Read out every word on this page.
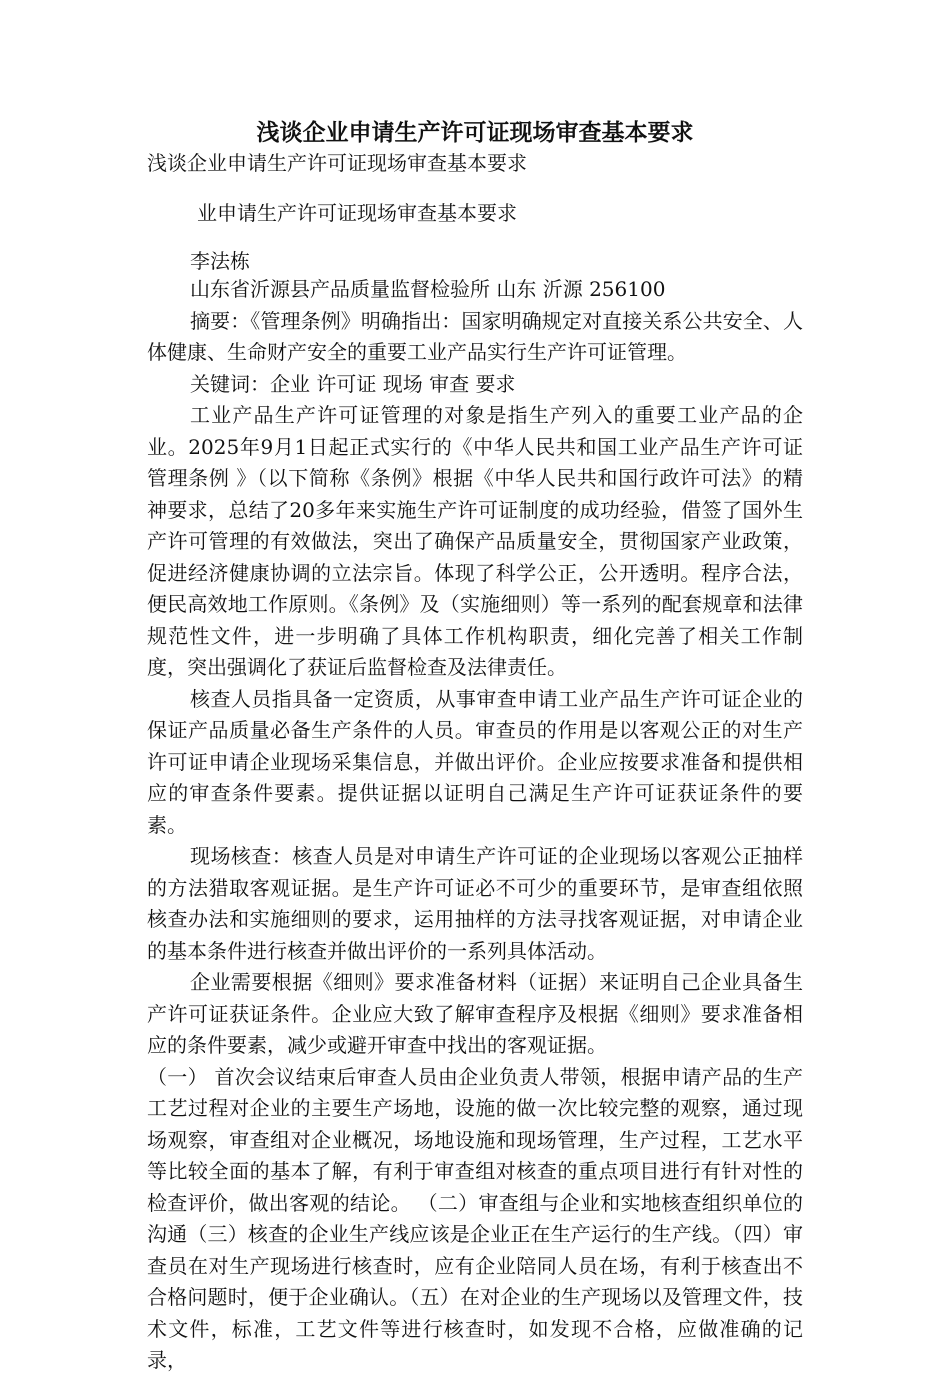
浅谈企业申请生产许可证现场审查基本要求
浅谈企业申请生产许可证现场审查基本要求
业申请生产许可证现场审查基本要求
李法栋

山东省沂源县产品质量监督检验所 山东 沂源 256100

摘要：《管理条例》明确指出：国家明确规定对直接关系公共安全、人体健康、生命财产安全的重要工业产品实行生产许可证管理。

关键词：企业 许可证 现场 审查 要求

工业产品生产许可证管理的对象是指生产列入的重要工业产品的企业。2025年9月1日起正式实行的《中华人民共和国工业产品生产许可证管理条例 》（以下简称《条例》根据《中华人民共和国行政许可法》的精神要求，总结了20多年来实施生产许可证制度的成功经验，借签了国外生产许可管理的有效做法，突出了确保产品质量安全，贯彻国家产业政策，促进经济健康协调的立法宗旨。体现了科学公正，公开透明。程序合法，便民高效地工作原则。《条例》及（实施细则）等一系列的配套规章和法律规范性文件，进一步明确了具体工作机构职责，细化完善了相关工作制度，突出强调化了获证后监督检查及法律责任。

核查人员指具备一定资质，从事审查申请工业产品生产许可证企业的保证产品质量必备生产条件的人员。审查员的作用是以客观公正的对生产许可证申请企业现场采集信息，并做出评价。企业应按要求准备和提供相应的审查条件要素。提供证据以证明自己满足生产许可证获证条件的要素。

现场核查：核查人员是对申请生产许可证的企业现场以客观公正抽样的方法猎取客观证据。是生产许可证必不可少的重要环节，是审查组依照核查办法和实施细则的要求，运用抽样的方法寻找客观证据，对申请企业的基本条件进行核查并做出评价的一系列具体活动。

企业需要根据《细则》要求准备材料（证据）来证明自己企业具备生产许可证获证条件。企业应大致了解审查程序及根据《细则》要求准备相应的条件要素，减少或避开审查中找出的客观证据。

（一） 首次会议结束后审查人员由企业负责人带领，根据申请产品的生产工艺过程对企业的主要生产场地，设施的做一次比较完整的观察，通过现场观察，审查组对企业概况，场地设施和现场管理，生产过程，工艺水平等比较全面的基本了解，有利于审查组对核查的重点项目进行有针对性的检查评价，做出客观的结论。 （二）审查组与企业和实地核查组织单位的沟通（三）核查的企业生产线应该是企业正在生产运行的生产线。（四）审查员在对生产现场进行核查时，应有企业陪同人员在场，有利于核查出不合格问题时，便于企业确认。（五）在对企业的生产现场以及管理文件，技术文件，标准，工艺文件等进行核查时，如发现不合格，应做准确的记录，
